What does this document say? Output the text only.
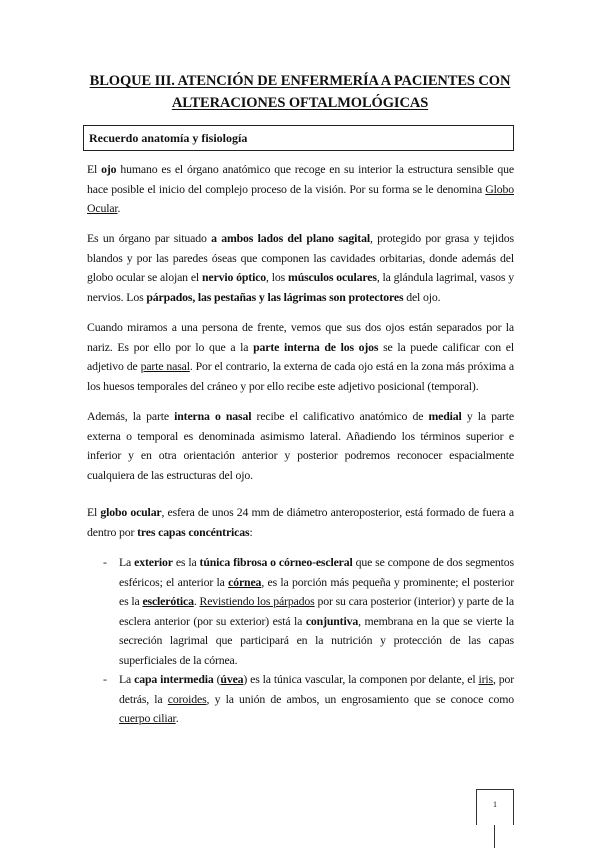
BLOQUE III. ATENCIÓN DE ENFERMERÍA A PACIENTES CON
ALTERACIONES OFTALMOLÓGICAS
Recuerdo anatomía y fisiología

El ojo humano es el órgano anatómico que recoge en su interior la estructura sensible que hace posible el inicio del complejo proceso de la visión. Por su forma se le denomina Globo Ocular.

Es un órgano par situado a ambos lados del plano sagital, protegido por grasa y tejidos blandos y por las paredes óseas que componen las cavidades orbitarias, donde además del globo ocular se alojan el nervio óptico, los músculos oculares, la glándula lagrimal, vasos y nervios. Los párpados, las pestañas y las lágrimas son protectores del ojo.

Cuando miramos a una persona de frente, vemos que sus dos ojos están separados por la nariz. Es por ello por lo que a la parte interna de los ojos se la puede calificar con el adjetivo de parte nasal. Por el contrario, la externa de cada ojo está en la zona más próxima a los huesos temporales del cráneo y por ello recibe este adjetivo posicional (temporal).

Además, la parte interna o nasal recibe el calificativo anatómico de medial y la parte externa o temporal es denominada asimismo lateral. Añadiendo los términos superior e inferior y en otra orientación anterior y posterior podremos reconocer espacialmente cualquiera de las estructuras del ojo.

El globo ocular, esfera de unos 24 mm de diámetro anteroposterior, está formado de fuera a dentro por tres capas concéntricas:

- La exterior es la túnica fibrosa o córneo-escleral que se compone de dos segmentos esféricos; el anterior la córnea, es la porción más pequeña y prominente; el posterior es la esclerótica. Revistiendo los párpados por su cara posterior (interior) y parte de la esclera anterior (por su exterior) está la conjuntiva, membrana en la que se vierte la secreción lagrimal que participará en la nutrición y protección de las capas superficiales de la córnea.
- La capa intermedia (úvea) es la túnica vascular, la componen por delante, el iris, por detrás, la coroides, y la unión de ambos, un engrosamiento que se conoce como cuerpo ciliar.
1
